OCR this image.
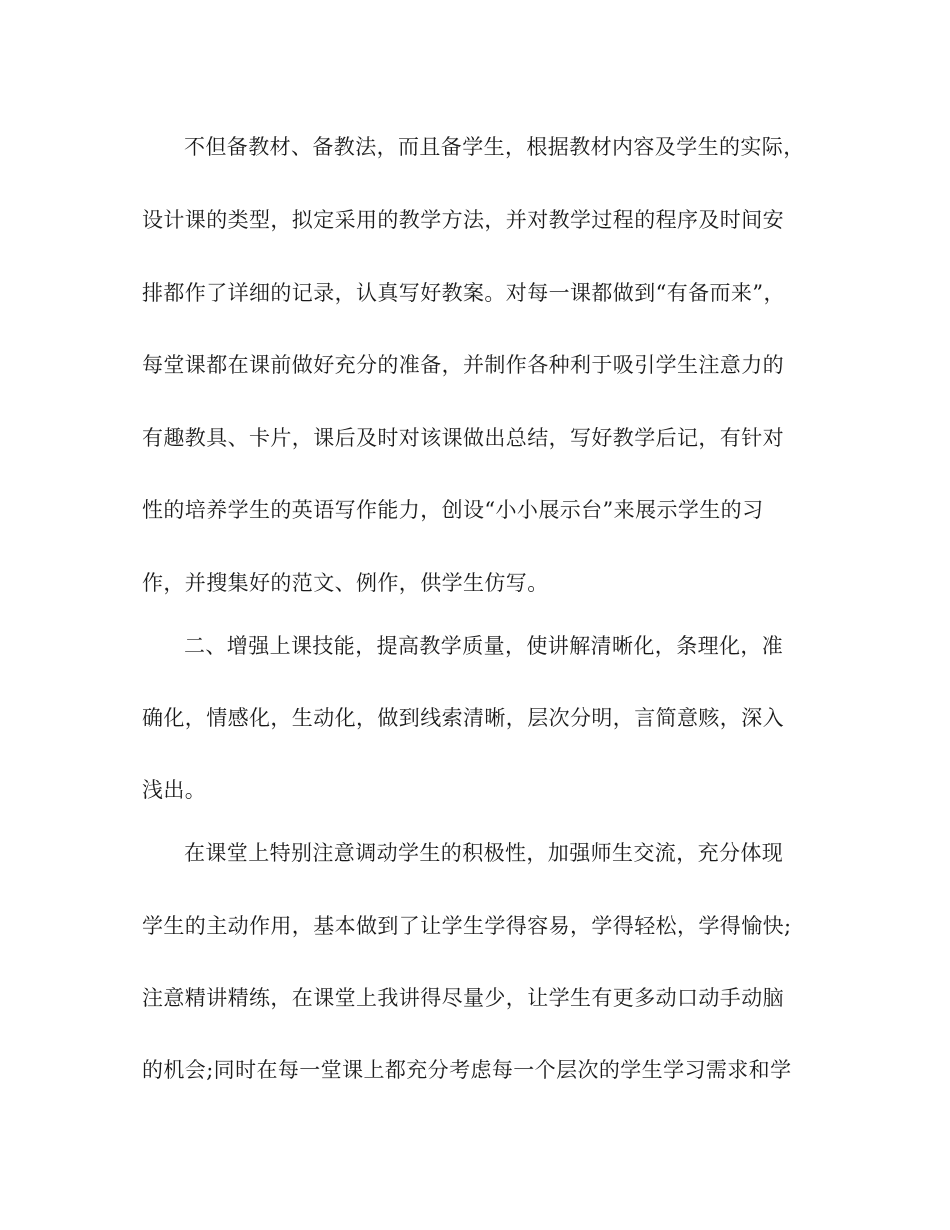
不但备教材、备教法，而且备学生，根据教材内容及学生的实际，
设计课的类型，拟定采用的教学方法，并对教学过程的程序及时间安
排都作了详细的记录，认真写好教案。对每一课都做到“有备而来”，
每堂课都在课前做好充分的准备，并制作各种利于吸引学生注意力的
有趣教具、卡片，课后及时对该课做出总结，写好教学后记，有针对
性的培养学生的英语写作能力，创设“小小展示台”来展示学生的习
作，并搜集好的范文、例作，供学生仿写。
二、增强上课技能，提高教学质量，使讲解清晰化，条理化，准
确化，情感化，生动化，做到线索清晰，层次分明，言简意赅，深入
浅出。
在课堂上特别注意调动学生的积极性，加强师生交流，充分体现
学生的主动作用，基本做到了让学生学得容易，学得轻松，学得愉快;
注意精讲精练，在课堂上我讲得尽量少，让学生有更多动口动手动脑
的机会;同时在每一堂课上都充分考虑每一个层次的学生学习需求和学
